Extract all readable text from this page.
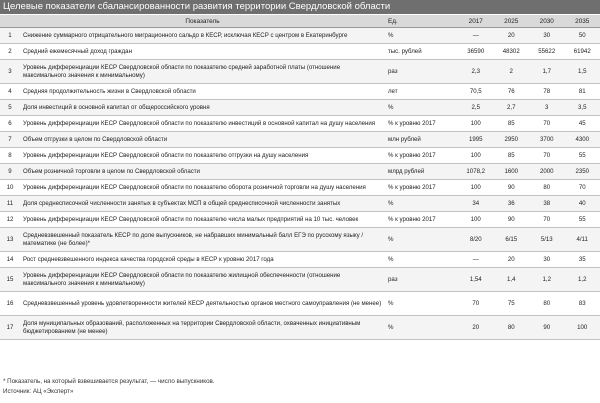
Целевые показатели сбалансированности развития территории Свердловской области
	Показатель	Ед.	2017	2025	2030	2035
1	Снижение суммарного отрицательного миграционного сальдо в КЕСР, исключая КЕСР с центром в Екатеринбурге	%	—	20	30	50
2	Средний ежемесячный доход граждан	тыс. рублей	36590	48302	55622	61942
3	Уровень дифференциации КЕСР Свердловской области по показателю средней заработной платы (отношение максимального значения к минимальному)	раз	2,3	2	1,7	1,5
4	Средняя продолжительность жизни в Свердловской области	лет	70,5	76	78	81
5	Доля инвестиций в основной капитал от общероссийского уровня	%	2,5	2,7	3	3,5
6	Уровень дифференциации КЕСР Свердловской области по показателю инвестиций в основной капитал на душу населения	% к уровню 2017	100	85	70	45
7	Объем отгрузки в целом по Свердловской области	млн рублей	1995	2950	3700	4300
8	Уровень дифференциации КЕСР Свердловской области по показателю отгрузки на душу населения	% к уровню 2017	100	85	70	55
9	Объем розничной торговли в целом по Свердловской области	млрд рублей	1078,2	1600	2000	2350
10	Уровень дифференциации КЕСР Свердловской области по показателю оборота розничной торговли на душу населения	% к уровню 2017	100	90	80	70
11	Доля среднесписочной численности занятых в субъектах МСП в общей среднесписочной численности занятых	%	34	36	38	40
12	Уровень дифференциации КЕСР Свердловской области по показателю числа малых предприятий на 10 тыс. человек	% к уровню 2017	100	90	70	55
13	Средневзвешенный показатель КЕСР по доле выпускников, не набравших минимальный балл ЕГЭ по русскому языку / математике (не более)*	%	8/20	6/15	5/13	4/11
14	Рост средневзвешенного индекса качества городской среды в КЕСР к уровню 2017 года	%	—	20	30	35
15	Уровень дифференциации КЕСР Свердловской области по показателю жилищной обеспеченности (отношение максимального значения к минимальному)	раз	1,54	1,4	1,2	1,2
16	Средневзвешенный уровень удовлетворенности жителей КЕСР деятельностью органов местного самоуправления (не менее)	%	70	75	80	83
17	Доля муниципальных образований, расположенных на территории Свердловской области, охваченных инициативным бюджетированием (не менее)	%	20	80	90	100
* Показатель, на который взвешивается результат, — число выпускников.
Источник: АЦ «Эксперт»
